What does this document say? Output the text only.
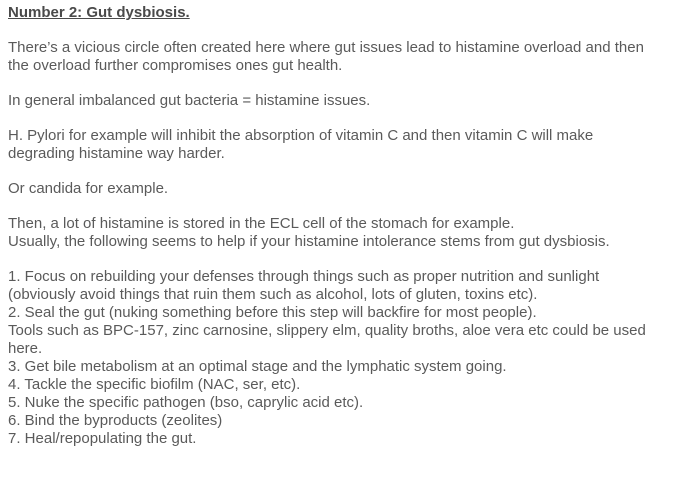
Number 2: Gut dysbiosis.
There’s a vicious circle often created here where gut issues lead to histamine overload and then
the overload further compromises ones gut health.
In general imbalanced gut bacteria = histamine issues.
H. Pylori for example will inhibit the absorption of vitamin C and then vitamin C will make
degrading histamine way harder.
Or candida for example.
Then, a lot of histamine is stored in the ECL cell of the stomach for example.
Usually, the following seems to help if your histamine intolerance stems from gut dysbiosis.
1. Focus on rebuilding your defenses through things such as proper nutrition and sunlight
(obviously avoid things that ruin them such as alcohol, lots of gluten, toxins etc).
2. Seal the gut (nuking something before this step will backfire for most people).
Tools such as BPC-157, zinc carnosine, slippery elm, quality broths, aloe vera etc could be used
here.
3. Get bile metabolism at an optimal stage and the lymphatic system going.
4. Tackle the specific biofilm (NAC, ser, etc).
5. Nuke the specific pathogen (bso, caprylic acid etc).
6. Bind the byproducts (zeolites)
7. Heal/repopulating the gut.
